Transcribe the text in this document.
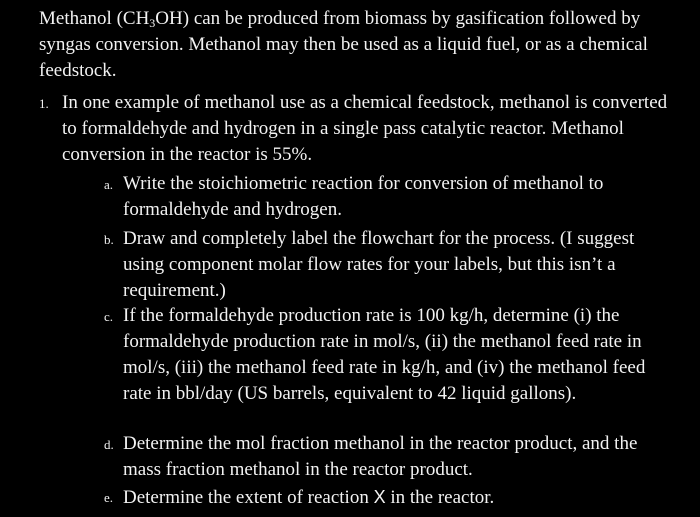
Methanol $(CH_3OH)$ can be produced from biomass by gasification followed by syngas conversion. Methanol may then be used as a liquid fuel, or as a chemical feedstock.

1. In one example of methanol use as a chemical feedstock, methanol is converted to formaldehyde and hydrogen in a single pass catalytic reactor. Methanol conversion in the reactor is 55%.
a. Write the stoichiometric reaction for conversion of methanol to formaldehyde and hydrogen.
b. Draw and completely label the flowchart for the process. (I suggest using component molar flow rates for your labels, but this isn’t a requirement.)
c. If the formaldehyde production rate is 100 kg/h, determine (i) the formaldehyde production rate in mol/s, (ii) the methanol feed rate in mol/s, (iii) the methanol feed rate in kg/h, and (iv) the methanol feed rate in bbl/day (US barrels, equivalent to 42 liquid gallons).
d. Determine the mol fraction methanol in the reactor product, and the mass fraction methanol in the reactor product.
e. Determine the extent of reaction X in the reactor.
